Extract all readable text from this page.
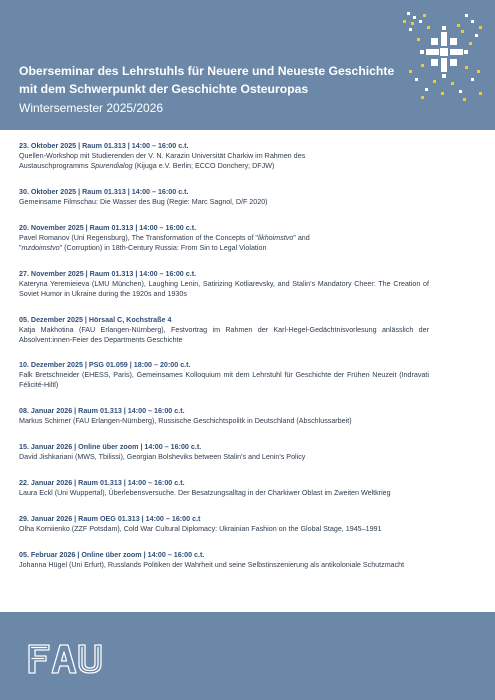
Oberseminar des Lehrstuhls für Neuere und Neueste Geschichte
mit dem Schwerpunkt der Geschichte Osteuropas

Wintersemester 2025/2026
23. Oktober 2025 | Raum 01.313 | 14:00 – 16:00 c.t.
Quellen-Workshop mit Studierenden der V. N. Karazin Universität Charkiw im Rahmen des
Austauschprogramms Spurendialog (Kijuga e.V. Berlin; ECCO Donchery; DFJW)
30. Oktober 2025 | Raum 01.313 | 14:00 – 16:00 c.t.
Gemeinsame Filmschau: Die Wasser des Bug (Regie: Marc Sagnol, D/F 2020)
20. November 2025 | Raum 01.313 | 14:00 – 16:00 c.t.
Pavel Romanov (Uni Regensburg), The Transformation of the Concepts of "likhoimstvo" and
"mzdoimstvo" (Corruption) in 18th-Century Russia: From Sin to Legal Violation
27. November 2025 | Raum 01.313 | 14:00 – 16:00 c.t.
Kateryna Yeremieieva (LMU München), Laughing Lenin, Satirizing Kotliarevsky, and Stalin's Mandatory Cheer: The Creation of Soviet Humor in Ukraine during the 1920s and 1930s
05. Dezember 2025 | Hörsaal C, Kochstraße 4
Katja Makhotina (FAU Erlangen-Nürnberg), Festvortrag im Rahmen der Karl-Hegel-Gedächtnisvorlesung anlässlich der Absolvent:innen-Feier des Departments Geschichte
10. Dezember 2025 | PSG 01.059 | 18:00 – 20:00 c.t.
Falk Bretschneider (EHESS, Paris), Gemeinsames Kolloquium mit dem Lehrstuhl für Geschichte der Frühen Neuzeit (Indravati Félicité-Hiltl)
08. Januar 2026 | Raum 01.313 | 14:00 – 16:00 c.t.
Markus Schirner (FAU Erlangen-Nürnberg), Russische Geschichtspolitk in Deutschland (Abschlussarbeit)
15. Januar 2026 | Online über zoom | 14:00 – 16:00 c.t.
David Jishkariani (MWS, Tbilissi), Georgian Bolsheviks between Stalin's and Lenin's Policy
22. Januar 2026 | Raum 01.313 | 14:00 – 16:00 c.t.
Laura Eckl (Uni Wuppertal), Überlebensversuche. Der Besatzungsalltag in der Charkiwer Oblast im Zweiten Weltkrieg
29. Januar 2026 | Raum OEG 01.313 | 14:00 – 16:00 c.t
Olha Korniienko (ZZF Potsdam), Cold War Cultural Diplomacy: Ukrainian Fashion on the Global Stage, 1945–1991
05. Februar 2026 | Online über zoom | 14:00 – 16:00 c.t.
Johanna Hügel (Uni Erfurt), Russlands Politiken der Wahrheit und seine Selbstinszenierung als antikoloniale Schutzmacht
